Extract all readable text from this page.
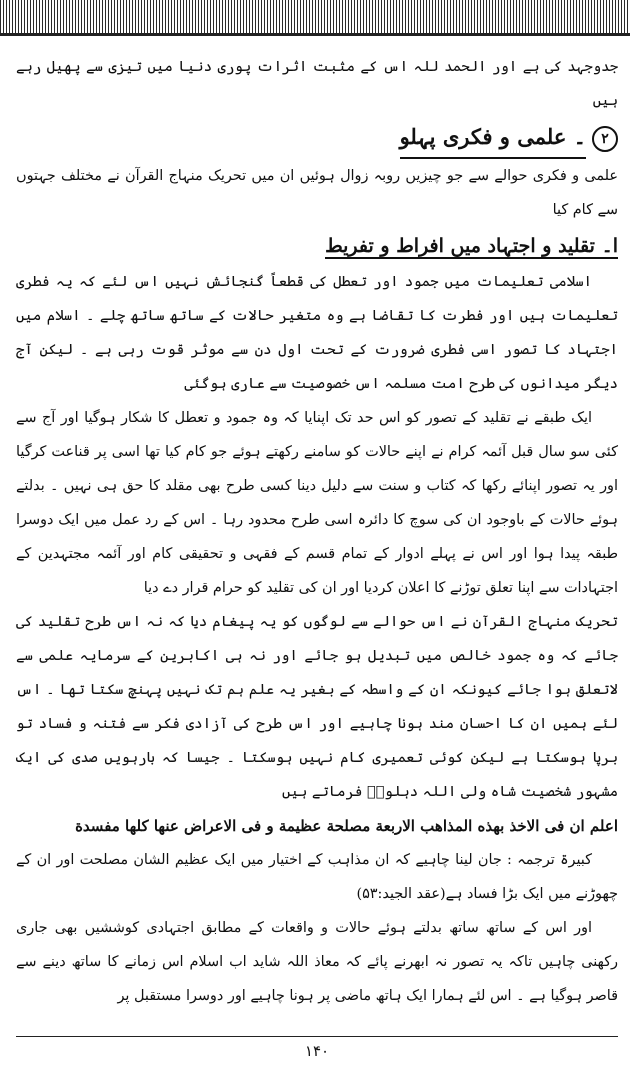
جدوجہد کی ہے اور الحمد للہ اس کے مثبت اثرات پوری دنیا میں تیزی سے پھیل رہے ہیں

۲
۔ علمی و فکری پہلو

علمی و فکری حوالے سے جو چیزیں روبہ زوال ہوئیں ان میں تحریک منہاج القرآن نے مختلف جہتوں سے کام کیا

ا۔ تقلید و اجتہاد میں افراط و تفریط

اسلامی تعلیمات میں جمود اور تعطل کی قطعاً گنجائش نہیں اس لئے کہ یہ فطری تعلیمات ہیں اور فطرت کا تقاضا ہے وہ متغیر حالات کے ساتھ ساتھ چلے ۔ اسلام میں اجتہاد کا تصور اسی فطری ضرورت کے تحت اول دن سے موثر قوت رہی ہے ۔ لیکن آج دیگر میدانوں کی طرح امت مسلمہ اس خصوصیت سے عاری ہوگئی

ایک طبقے نے تقلید کے تصور کو اس حد تک اپنایا کہ وہ جمود و تعطل کا شکار ہوگیا اور آج سے کئی سو سال قبل آئمہ کرام نے اپنے حالات کو سامنے رکھتے ہوئے جو کام کیا تھا اسی پر قناعت کرگیا اور یہ تصور اپنائے رکھا کہ کتاب و سنت سے دلیل دینا کسی طرح بھی مقلد کا حق ہی نہیں ۔ بدلتے ہوئے حالات کے باوجود ان کی سوچ کا دائرہ اسی طرح محدود رہا ۔ اس کے رد عمل میں ایک دوسرا طبقہ پیدا ہوا اور اس نے پہلے ادوار کے تمام قسم کے فقہی و تحقیقی کام اور آئمہ مجتہدین کے اجتہادات سے اپنا تعلق توڑنے کا اعلان کردیا اور ان کی تقلید کو حرام قرار دے دیا

تحریک منہاج القرآن نے اس حوالے سے لوگوں کو یہ پیغام دیا کہ نہ اس طرح تقلید کی جائے کہ وہ جمود خالص میں تبدیل ہو جائے اور نہ ہی اکابرین کے سرمایہ علمی سے لاتعلق ہوا جائے کیونکہ ان کے واسطہ کے بغیر یہ علم ہم تک نہیں پہنچ سکتا تھا ۔ اس لئے ہمیں ان کا احسان مند ہونا چاہیے اور اس طرح کی آزادی فکر سے فتنہ و فساد تو برپا ہوسکتا ہے لیکن کوئی تعمیری کام نہیں ہوسکتا ۔ جیسا کہ بارہویں صدی کی ایک مشہور شخصیت شاہ ولی اللہ دہلویؒ فرماتے ہیں

اعلم ان فی الاخذ بهذه المذاهب الاربعة مصلحة عظيمة و فی الاعراض عنها كلها مفسدة

کبیرۃ ترجمہ : جان لینا چاہیے کہ ان مذاہب کے اختیار میں ایک عظیم الشان مصلحت اور ان کے چھوڑنے میں ایک بڑا فساد ہے(عقد الجید:۵۳)

اور اس کے ساتھ ساتھ بدلتے ہوئے حالات و واقعات کے مطابق اجتہادی کوششیں بھی جاری رکھنی چاہیں تاکہ یہ تصور نہ ابھرنے پائے کہ معاذ اللہ شاید اب اسلام اس زمانے کا ساتھ دینے سے قاصر ہوگیا ہے ۔ اس لئے ہمارا ایک ہاتھ ماضی پر ہونا چاہیے اور دوسرا مستقبل پر

۱۴۰
